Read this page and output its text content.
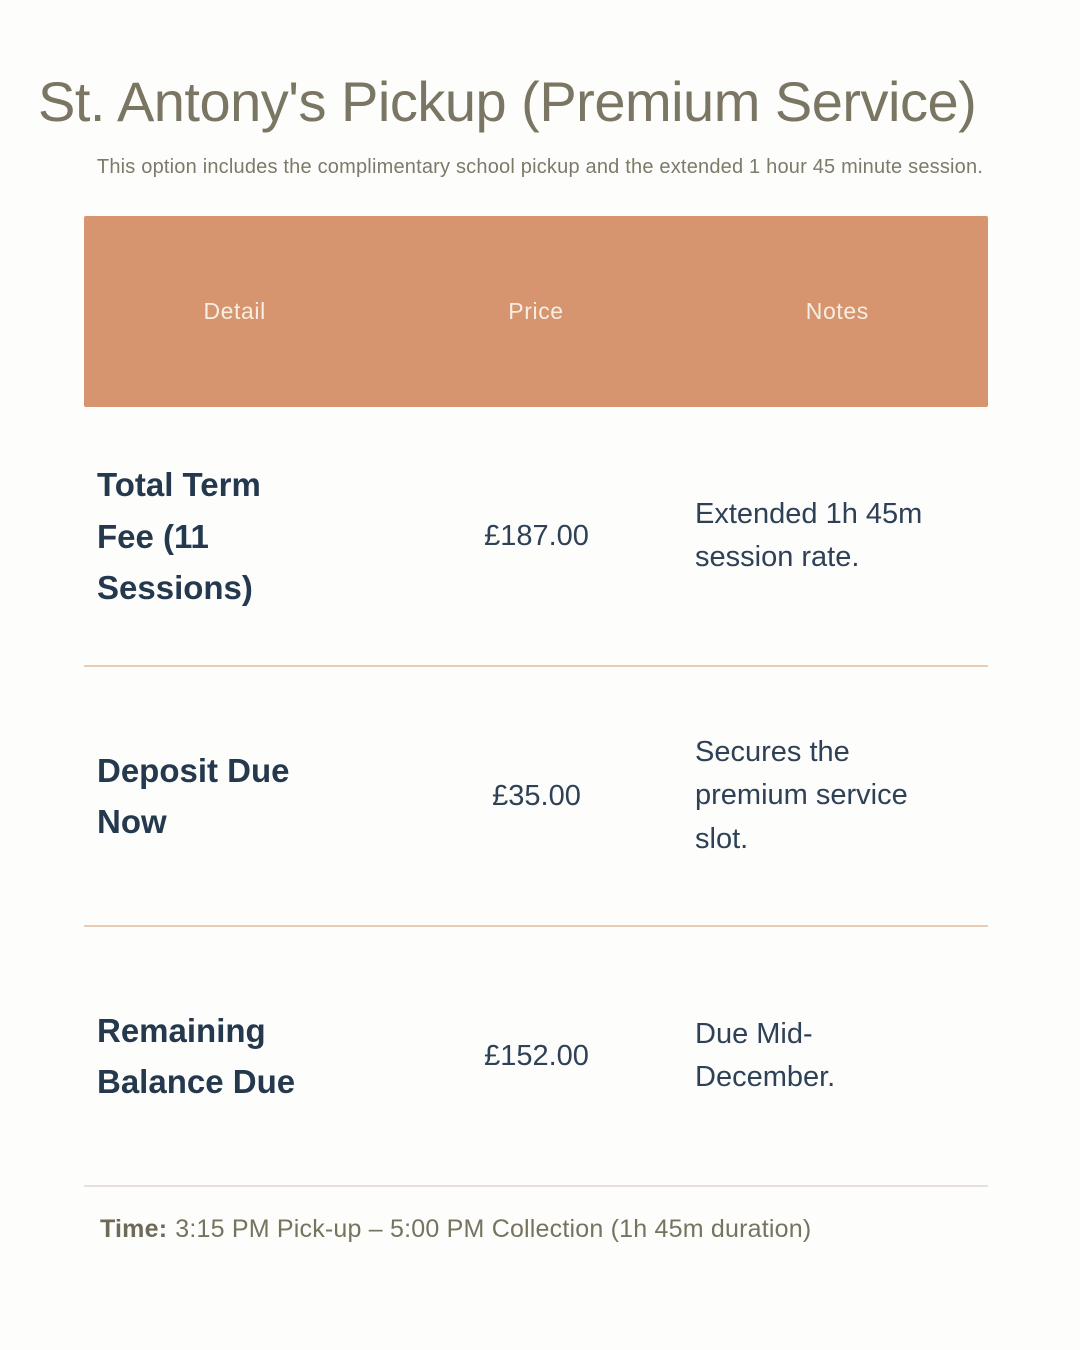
St. Antony's Pickup (Premium Service)
This option includes the complimentary school pickup and the extended 1 hour 45 minute session.
Detail	Price	Notes
Total Term Fee (11 Sessions)
£187.00
Extended 1h 45m session rate.
Deposit Due Now
£35.00
Secures the premium service slot.
Remaining Balance Due
£152.00
Due Mid-December.
Time: 3:15 PM Pick-up – 5:00 PM Collection (1h 45m duration)
